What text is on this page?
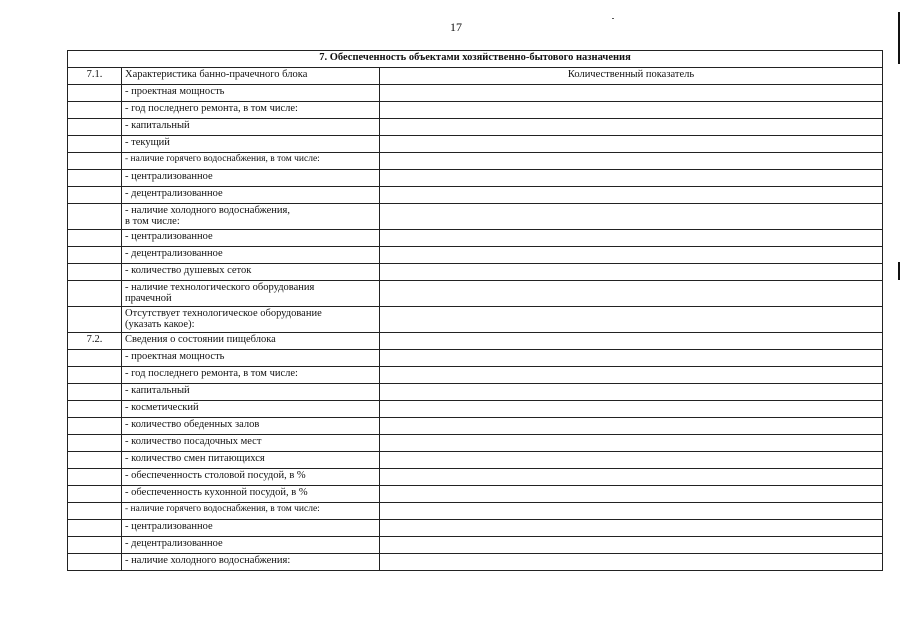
17
7. Обеспеченность объектами хозяйственно-бытового назначения		
7.1.	Характеристика банно-прачечного блока	Количественный показатель
	- проектная мощность	
	- год последнего ремонта, в том числе:	
	- капитальный	
	- текущий	
	- наличие горячего водоснабжения, в том числе:	
	- централизованное	
	- децентрализованное	
	- наличие холодного водоснабжения,
в том числе:	
	- централизованное	
	- децентрализованное	
	- количество душевых сеток	
	- наличие технологического оборудования
прачечной	
	Отсутствует технологическое оборудование
(указать какое):	
7.2.	Сведения о состоянии пищеблока	
	- проектная мощность	
	- год последнего ремонта, в том числе:	
	- капитальный	
	- косметический	
	- количество обеденных залов	
	- количество посадочных мест	
	- количество смен питающихся	
	- обеспеченность столовой посудой, в %	
	- обеспеченность кухонной посудой, в %	
	- наличие горячего водоснабжения, в том числе:	
	- централизованное	
	- децентрализованное	
	- наличие холодного водоснабжения:	
